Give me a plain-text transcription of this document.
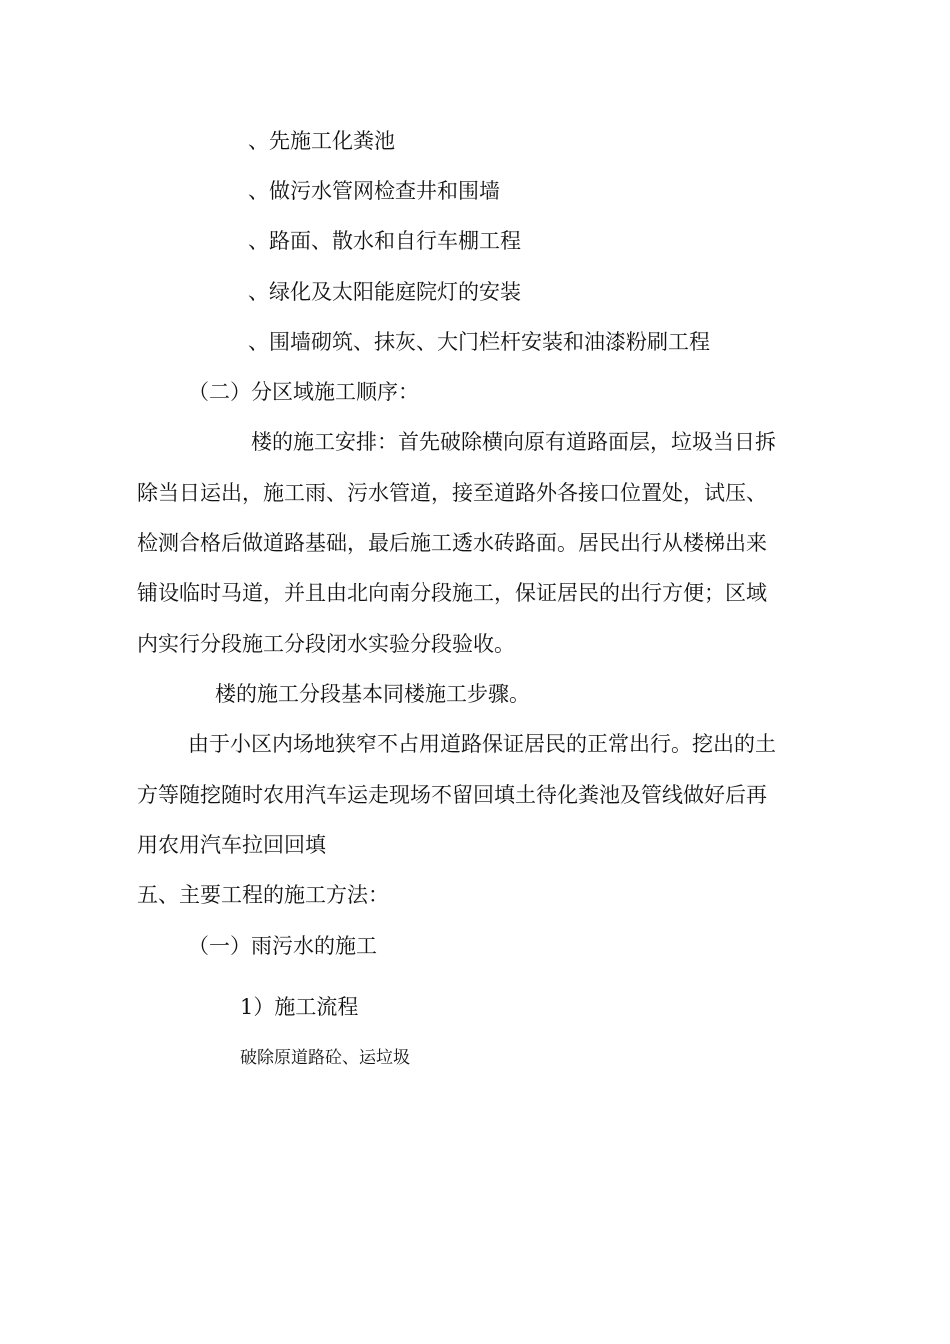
、先施工化粪池
、做污水管网检查井和围墙
、路面、散水和自行车棚工程
、绿化及太阳能庭院灯的安装
、围墙砌筑、抹灰、大门栏杆安装和油漆粉刷工程
（二）分区域施工顺序：
楼的施工安排：首先破除横向原有道路面层，垃圾当日拆
除当日运出，施工雨、污水管道，接至道路外各接口位置处，试压、
检测合格后做道路基础，最后施工透水砖路面。居民出行从楼梯出来
铺设临时马道，并且由北向南分段施工，保证居民的出行方便；区域
内实行分段施工分段闭水实验分段验收。
楼的施工分段基本同楼施工步骤。
由于小区内场地狭窄不占用道路保证居民的正常出行。挖出的土
方等随挖随时农用汽车运走现场不留回填土待化粪池及管线做好后再
用农用汽车拉回回填
五、主要工程的施工方法：
（一）雨污水的施工
1）施工流程
破除原道路砼、运垃圾
